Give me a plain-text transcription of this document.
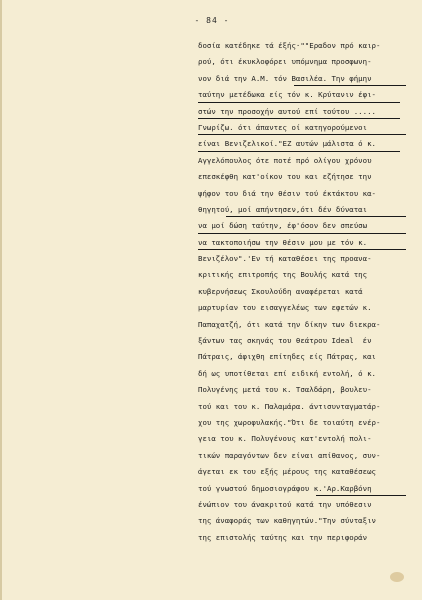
- 84 -
δοσία κατέδηκε τά έξής·""Εραδον πρό καιρ-
ρού, ότι έκυκλοφόρει υπόμνημα προσφωνη-
νον διά την Α.Μ. τόν Βασιλέα. Την φήμην
ταύτην μετέδωκα είς τόν κ. Κρύτανιν έφι-
στών την προσοχήν αυτού επί τούτου .....
Γνωρίζω. ότι άπαντες οί κατηγορούμενοι
είναι Βενιζελικοί."ΕΖ αυτών μάλιστα ό κ.
Αγγελόπουλος ότε ποτέ πρό ολίγου χρόνου
επεσκέφθη κατ'οίκον του και εζήτησε την
ψήφον του διά την θέσιν τού έκτάκτου κα-
θηγητού, μοί απήντησεν,ότι δέν δύναται
να μοί δώση ταύτην, έφ'όσον δεν σπεύσω
να τακτοποιήσω την θέσιν μου με τόν κ.
Βενιζέλον".'Εν τή καταθέσει της προανα-
κριτικής επιτροπής της Βουλής κατά της
κυβερνήσεως Σκουλούδη αναφέρεται κατά
μαρτυρίαν του εισαγγελέως των εφετών κ.
Παπαχατζή, ότι κατά την δίκην των διεκρα-
ξάντων τας σκηνάς του θεάτρου Ideal  έν
Πάτραις, άφιχθη επίτηδες είς Πάτρας, και
δή ως υποτίθεται επί ειδική εντολή, ό κ.
Πολυγένης μετά του κ. Τσαλδάρη, βουλευ-
τού και του κ. Παλαμάρα. άντισυνταγματάρ-
χου της χωροφυλακής."Ότι δε τοιαύτη ενέρ-
γεια του κ. Πολυγένους κατ'εντολή πολι-
τικών παραγόντων δεν είναι απίθανος, συν-
άγεται εκ του εξής μέρους της καταθέσεως
τού γνωστού δημοσιογράφου κ.'Αρ.Καρβόνη
ένώπιον του άνακριτού κατά την υπόθεσιν
της άναφοράς των καθηγητών."Την σύνταξιν
της επιστολής ταύτης και την περιφοράν
